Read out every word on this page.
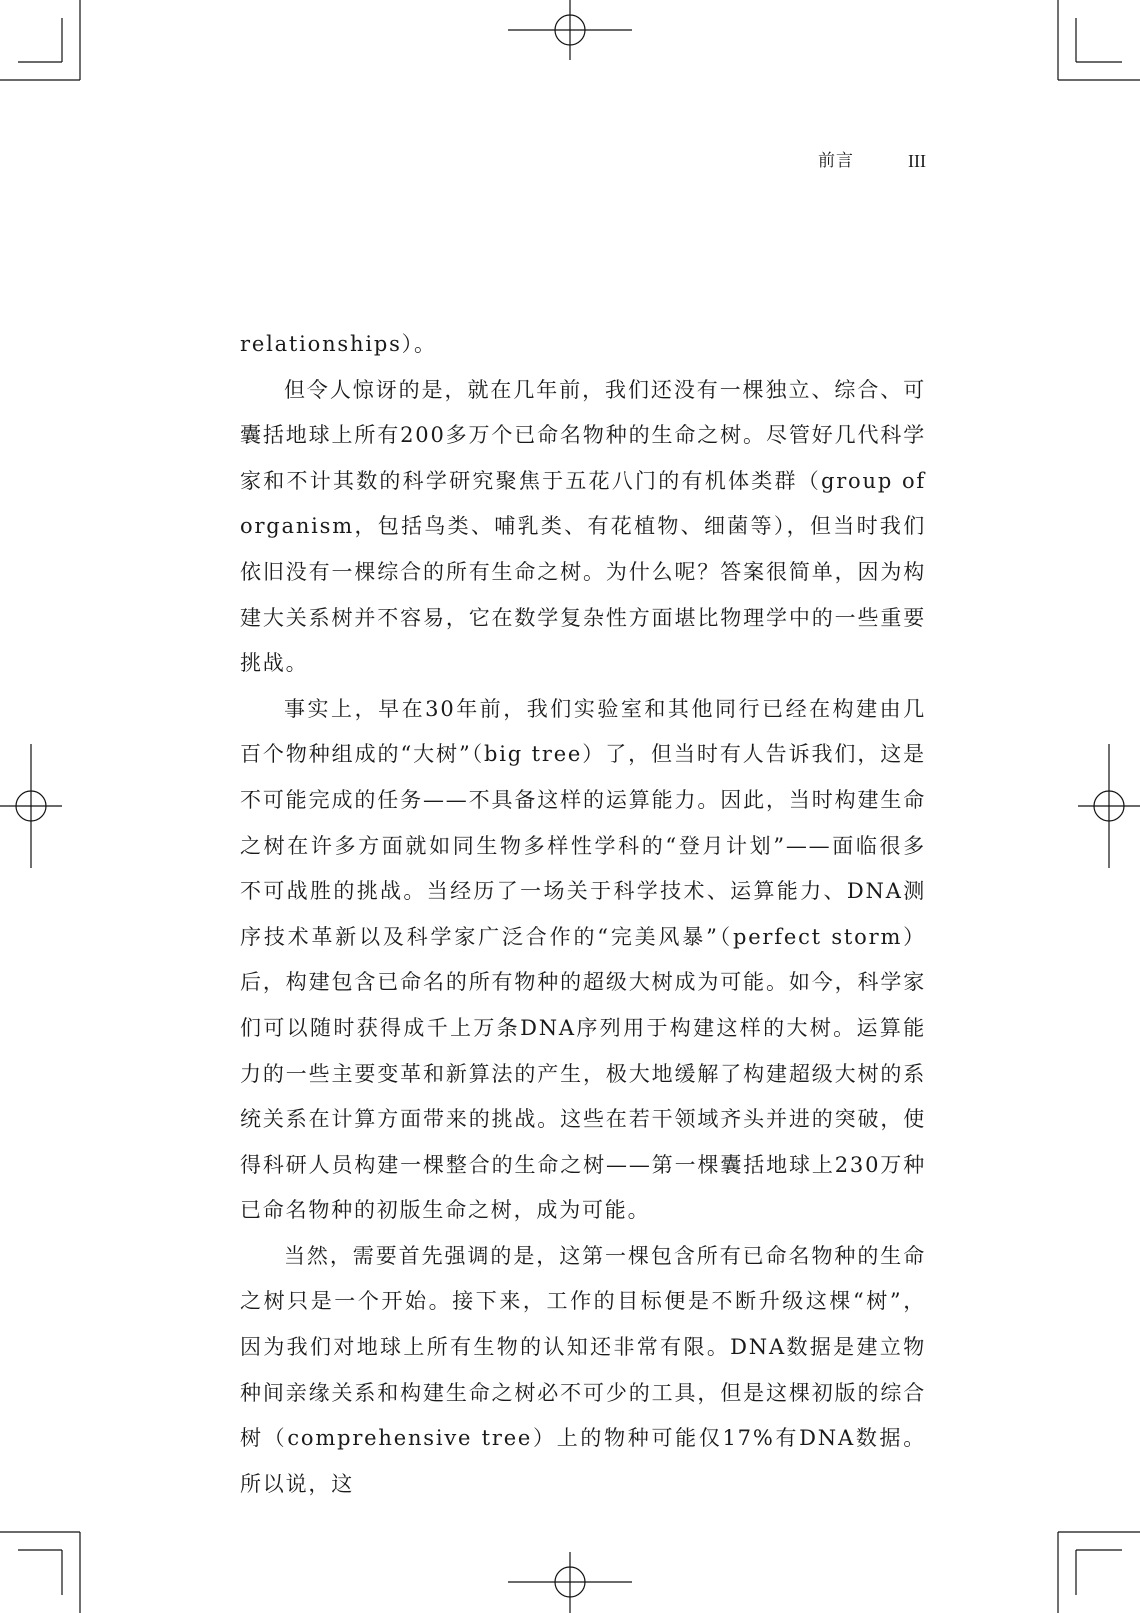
前言	III

relationships）。

但令人惊讶的是，就在几年前，我们还没有一棵独立、综合、可囊括地球上所有200多万个已命名物种的生命之树。尽管好几代科学家和不计其数的科学研究聚焦于五花八门的有机体类群（group of organism，包括鸟类、哺乳类、有花植物、细菌等），但当时我们依旧没有一棵综合的所有生命之树。为什么呢？答案很简单，因为构建大关系树并不容易，它在数学复杂性方面堪比物理学中的一些重要挑战。

事实上，早在30年前，我们实验室和其他同行已经在构建由几百个物种组成的“大树”（big tree）了，但当时有人告诉我们，这是不可能完成的任务——不具备这样的运算能力。因此，当时构建生命之树在许多方面就如同生物多样性学科的“登月计划”——面临很多不可战胜的挑战。当经历了一场关于科学技术、运算能力、DNA测序技术革新以及科学家广泛合作的“完美风暴”（perfect storm）后，构建包含已命名的所有物种的超级大树成为可能。如今，科学家们可以随时获得成千上万条DNA序列用于构建这样的大树。运算能力的一些主要变革和新算法的产生，极大地缓解了构建超级大树的系统关系在计算方面带来的挑战。这些在若干领域齐头并进的突破，使得科研人员构建一棵整合的生命之树——第一棵囊括地球上230万种已命名物种的初版生命之树，成为可能。

当然，需要首先强调的是，这第一棵包含所有已命名物种的生命之树只是一个开始。接下来，工作的目标便是不断升级这棵“树”，因为我们对地球上所有生物的认知还非常有限。DNA数据是建立物种间亲缘关系和构建生命之树必不可少的工具，但是这棵初版的综合树（comprehensive tree）上的物种可能仅17%有DNA数据。所以说，这
